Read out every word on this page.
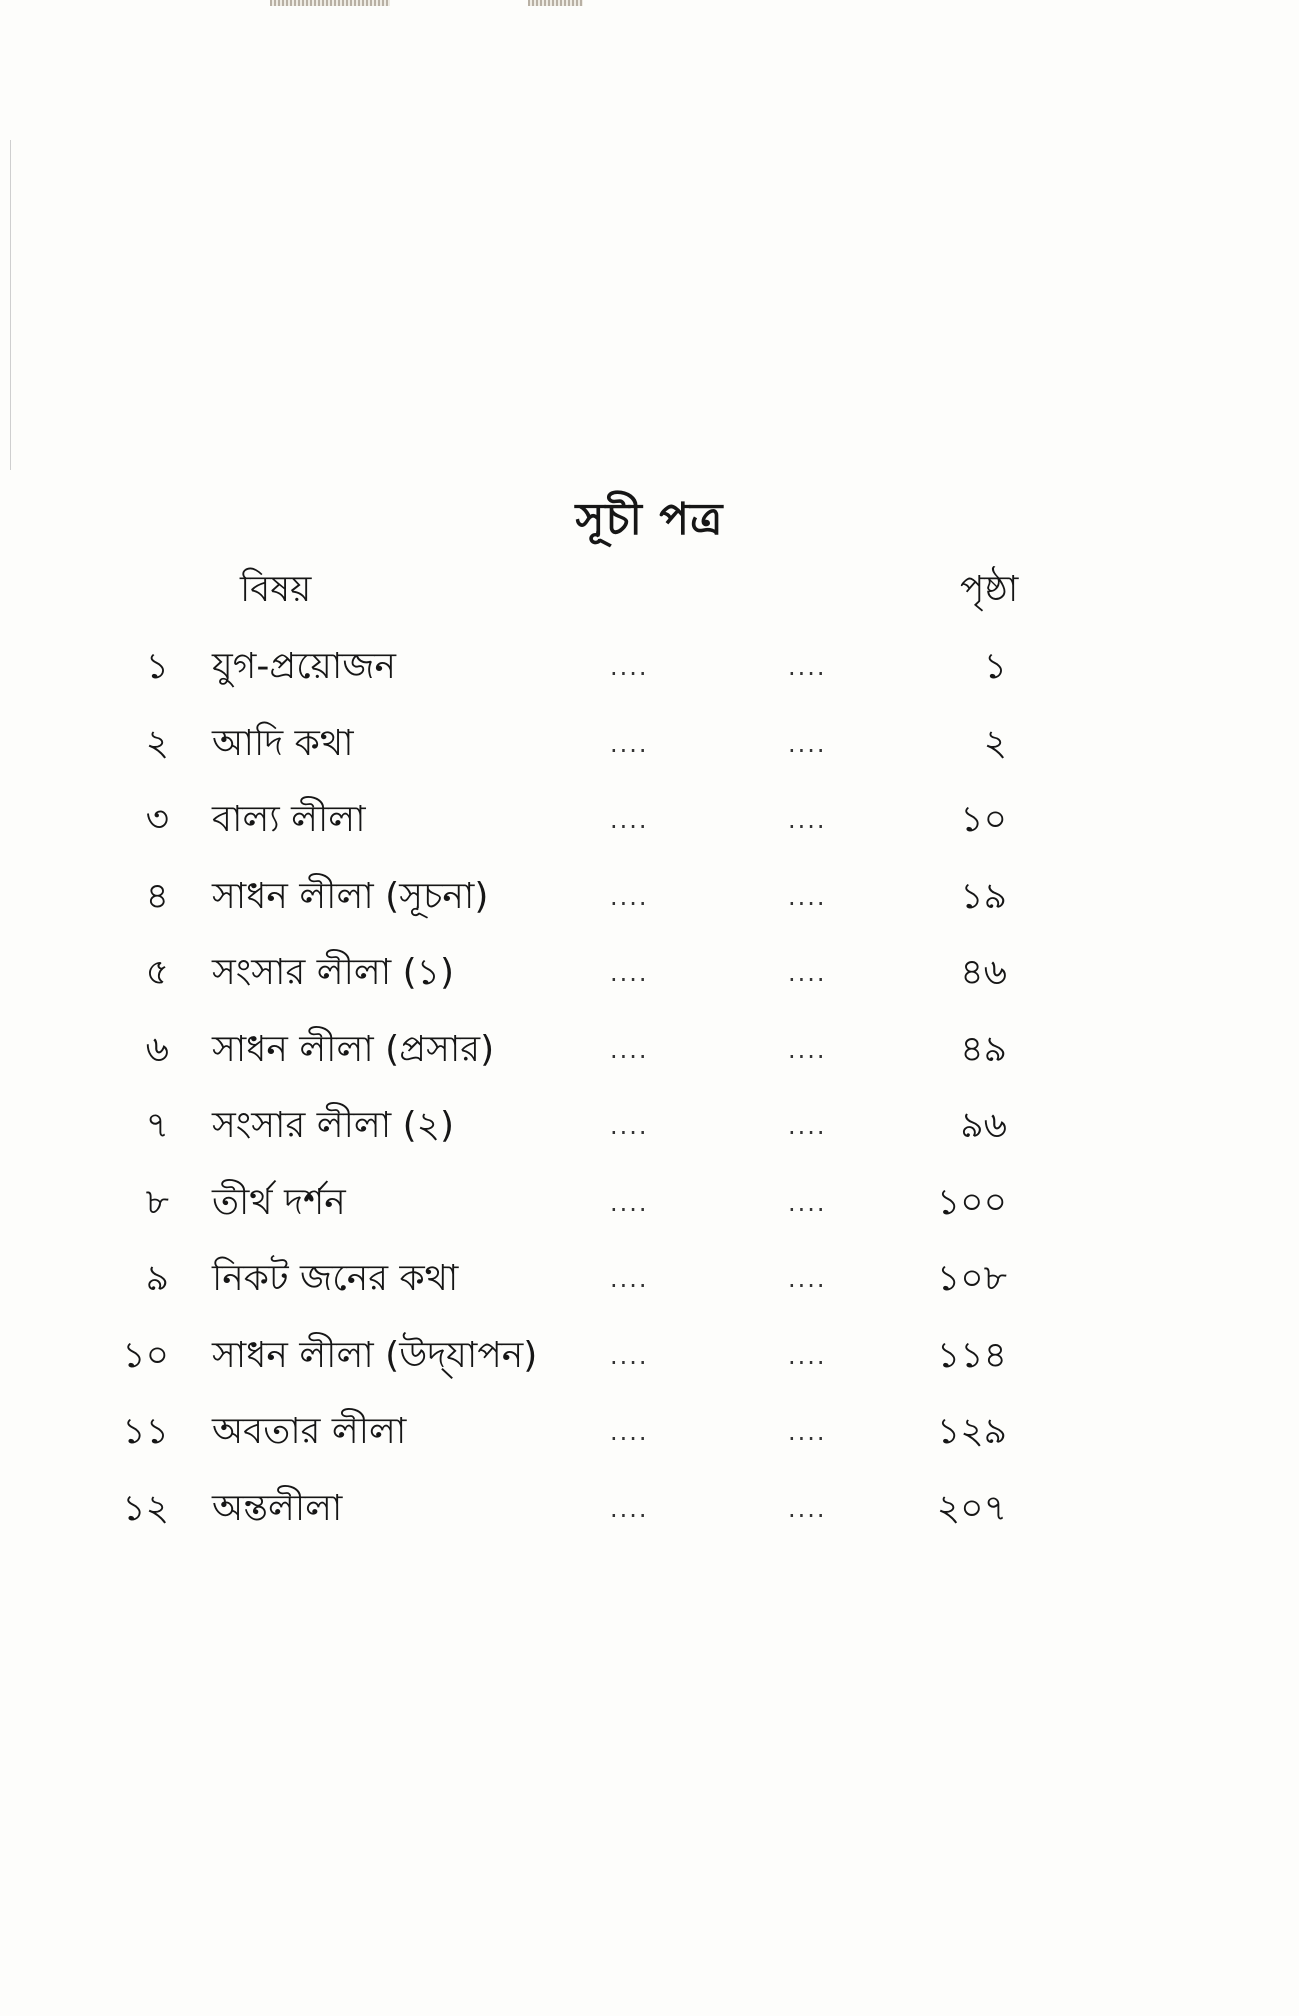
সূচী পত্র
বিষয়	পৃষ্ঠা
১ যুগ-প্রয়োজন	....	....	১
২ আদি কথা	....	....	২
৩ বাল্য লীলা	....	....	১০
৪ সাধন লীলা (সূচনা)	....	....	১৯
৫ সংসার লীলা (১)	....	....	৪৬
৬ সাধন লীলা (প্রসার)	....	....	৪৯
৭ সংসার লীলা (২)	....	....	৯৬
৮ তীর্থ দর্শন	....	....	১০০
৯ নিকট জনের কথা	....	....	১০৮
১০ সাধন লীলা (উদ্‌যাপন)	....	....	১১৪
১১ অবতার লীলা	....	....	১২৯
১২ অন্তলীলা	....	....	২০৭
